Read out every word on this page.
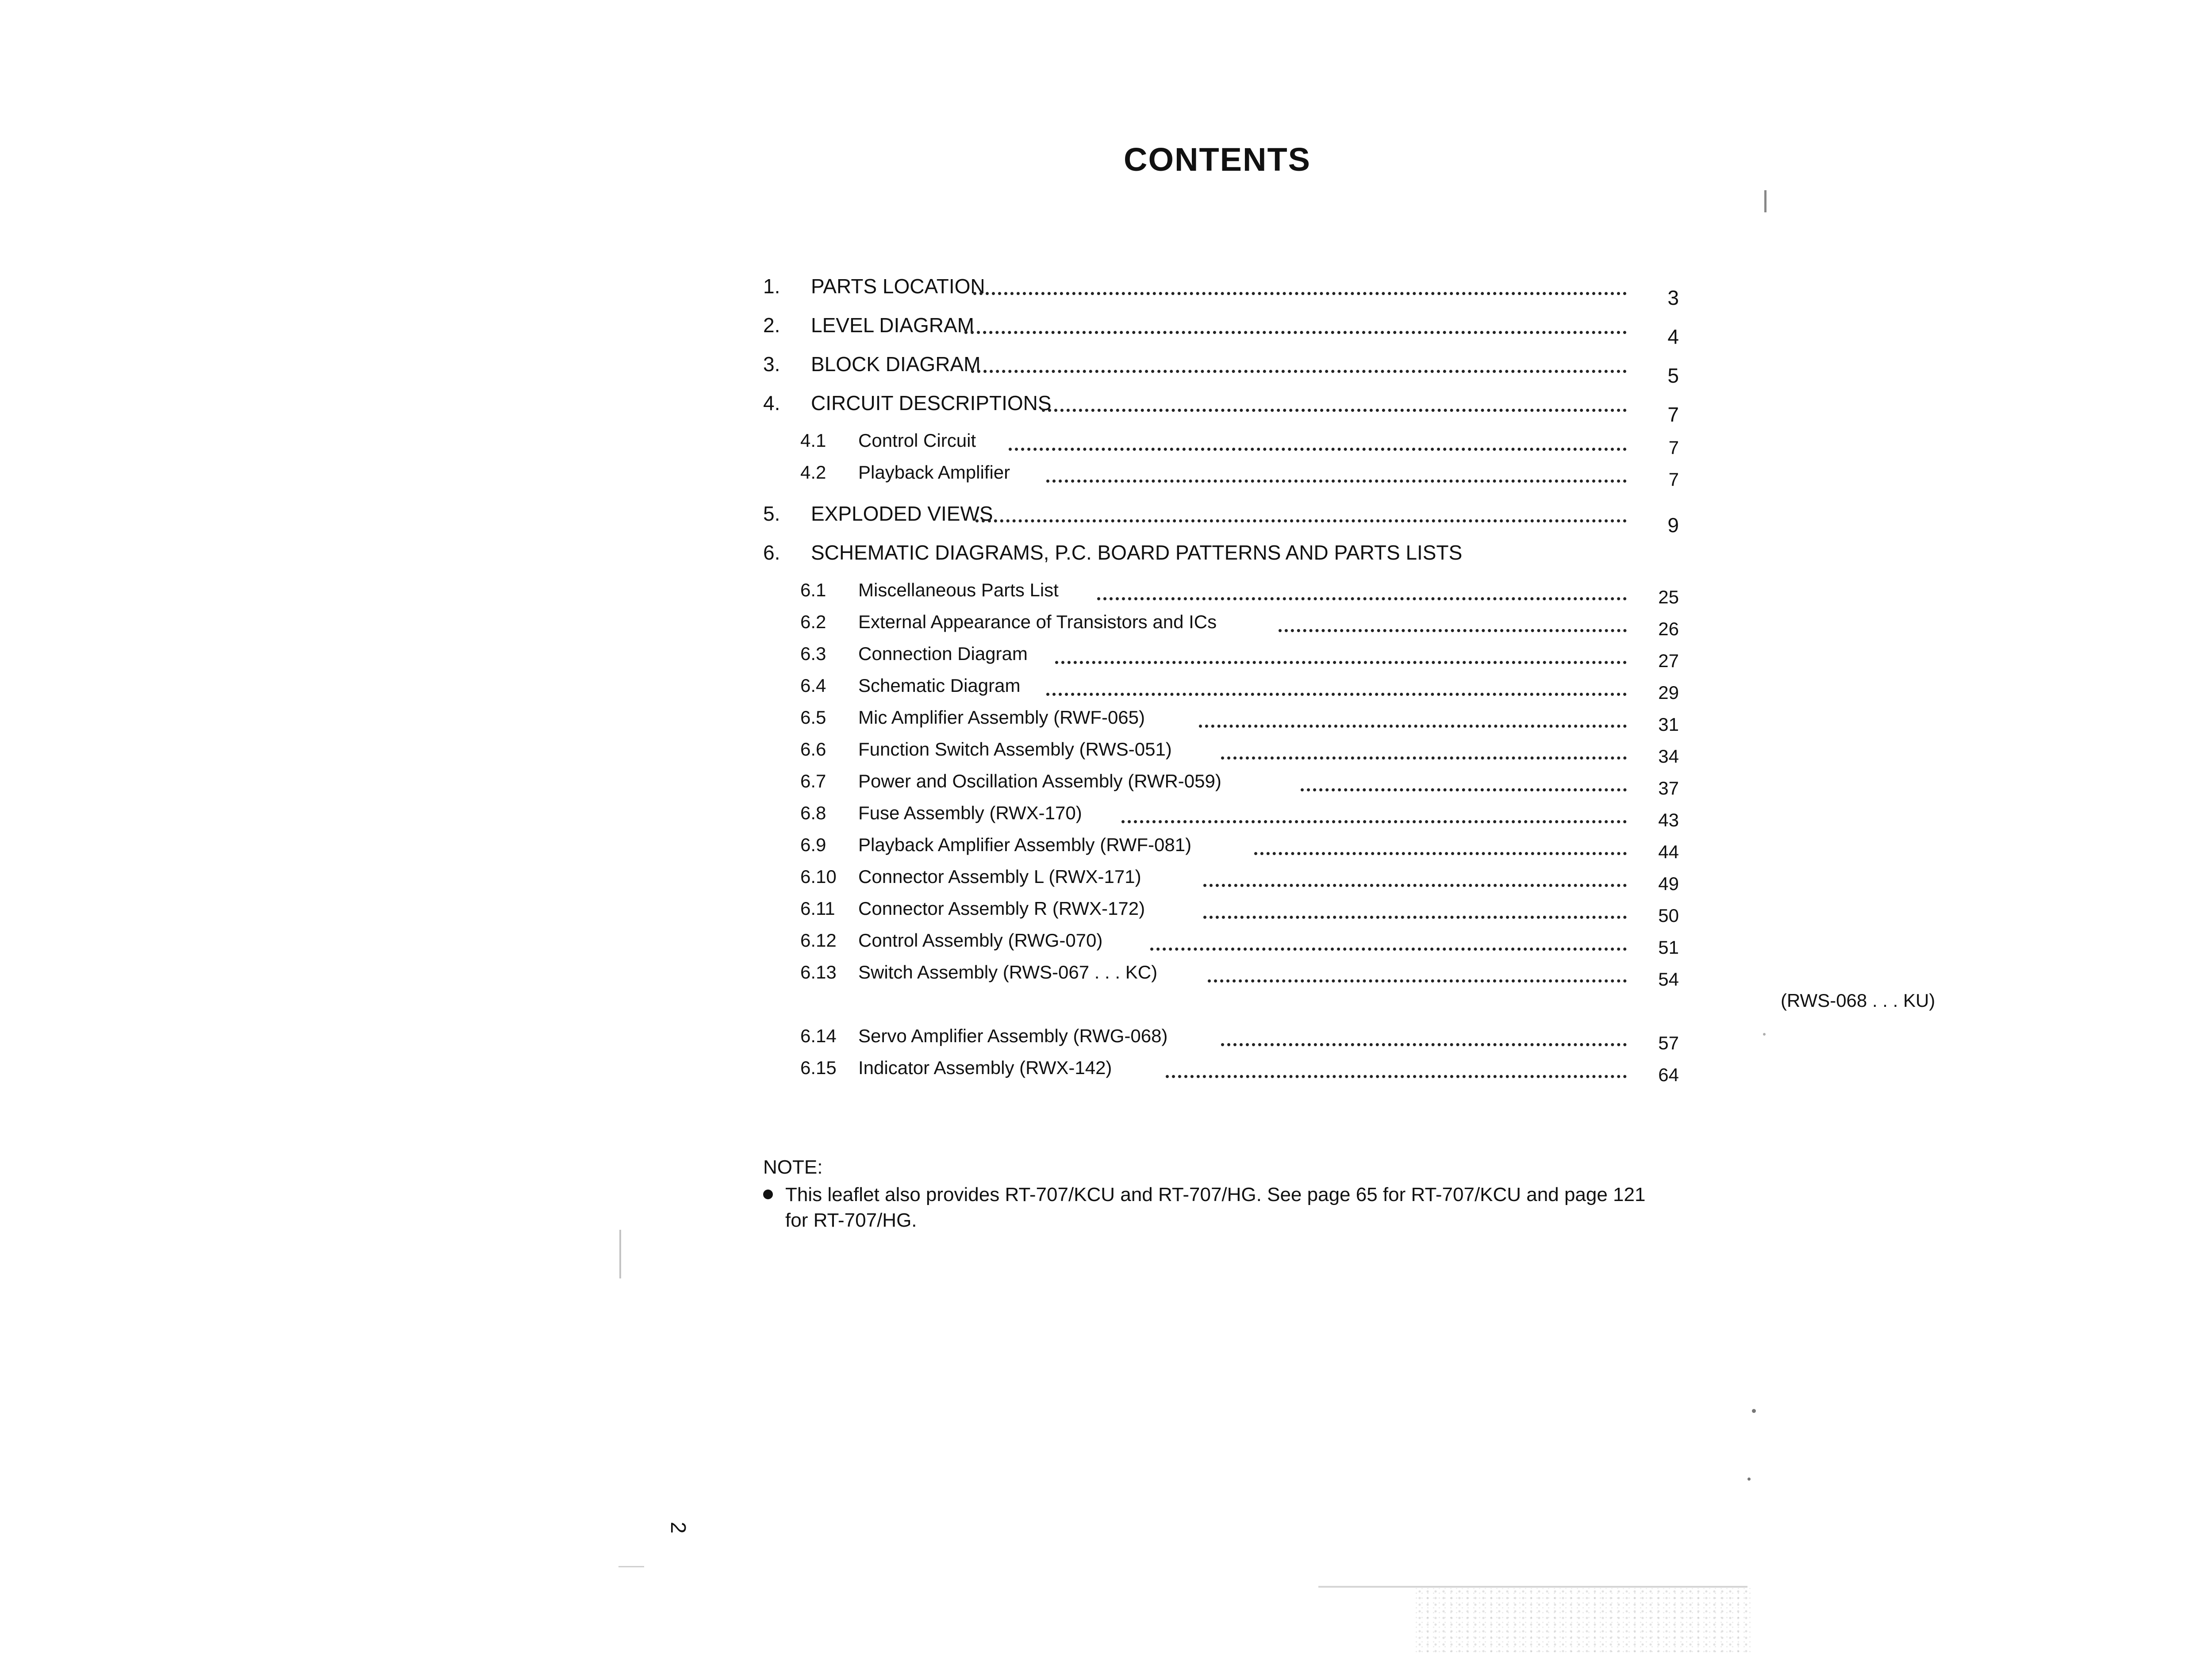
CONTENTS
1. PARTS LOCATION	3
2. LEVEL DIAGRAM	4
3. BLOCK DIAGRAM	5
4. CIRCUIT DESCRIPTIONS	7
4.1 Control Circuit	7
4.2 Playback Amplifier	7
5. EXPLODED VIEWS	9
6. SCHEMATIC DIAGRAMS, P.C. BOARD PATTERNS AND PARTS LISTS
6.1 Miscellaneous Parts List	25
6.2 External Appearance of Transistors and ICs	26
6.3 Connection Diagram	27
6.4 Schematic Diagram	29
6.5 Mic Amplifier Assembly (RWF-065)	31
6.6 Function Switch Assembly (RWS-051)	34
6.7 Power and Oscillation Assembly (RWR-059)	37
6.8 Fuse Assembly (RWX-170)	43
6.9 Playback Amplifier Assembly (RWF-081)	44
6.10 Connector Assembly L (RWX-171)	49
6.11 Connector Assembly R (RWX-172)	50
6.12 Control Assembly (RWG-070)	51
6.13 Switch Assembly (RWS-067 . . . KC)	54
(RWS-068 . . . KU)
6.14 Servo Amplifier Assembly (RWG-068)	57
6.15 Indicator Assembly (RWX-142)	64
NOTE:
This leaflet also provides RT-707/KCU and RT-707/HG. See page 65 for RT-707/KCU and page 121 for RT-707/HG.
2
